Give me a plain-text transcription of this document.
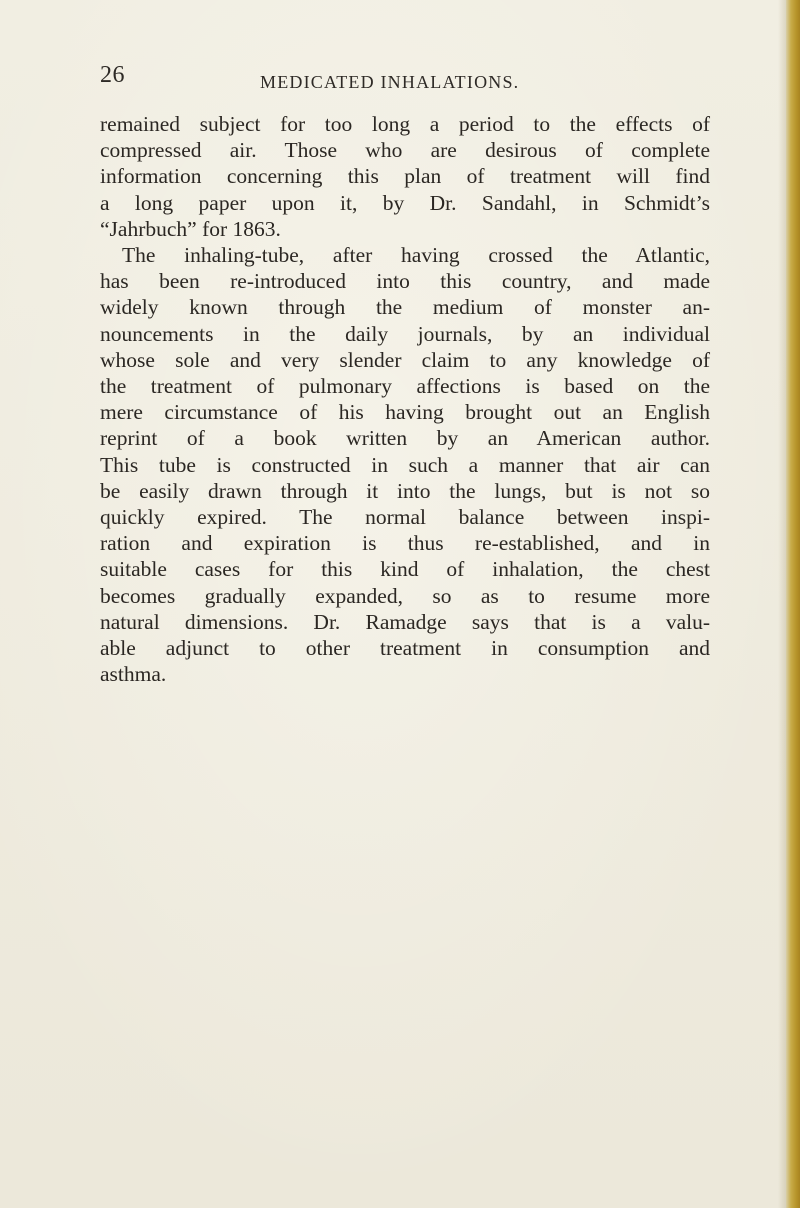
26	MEDICATED INHALATIONS.
remained subject for too long a period to the effects of
compressed air. Those who are desirous of complete
information concerning this plan of treatment will find
a long paper upon it, by Dr. Sandahl, in Schmidt’s
“Jahrbuch” for 1863.
The inhaling-tube, after having crossed the Atlantic,
has been re-introduced into this country, and made
widely known through the medium of monster an-
nouncements in the daily journals, by an individual
whose sole and very slender claim to any knowledge of
the treatment of pulmonary affections is based on the
mere circumstance of his having brought out an English
reprint of a book written by an American author.
This tube is constructed in such a manner that air can
be easily drawn through it into the lungs, but is not so
quickly expired. The normal balance between inspi-
ration and expiration is thus re-established, and in
suitable cases for this kind of inhalation, the chest
becomes gradually expanded, so as to resume more
natural dimensions. Dr. Ramadge says that is a valu-
able adjunct to other treatment in consumption and
asthma.
